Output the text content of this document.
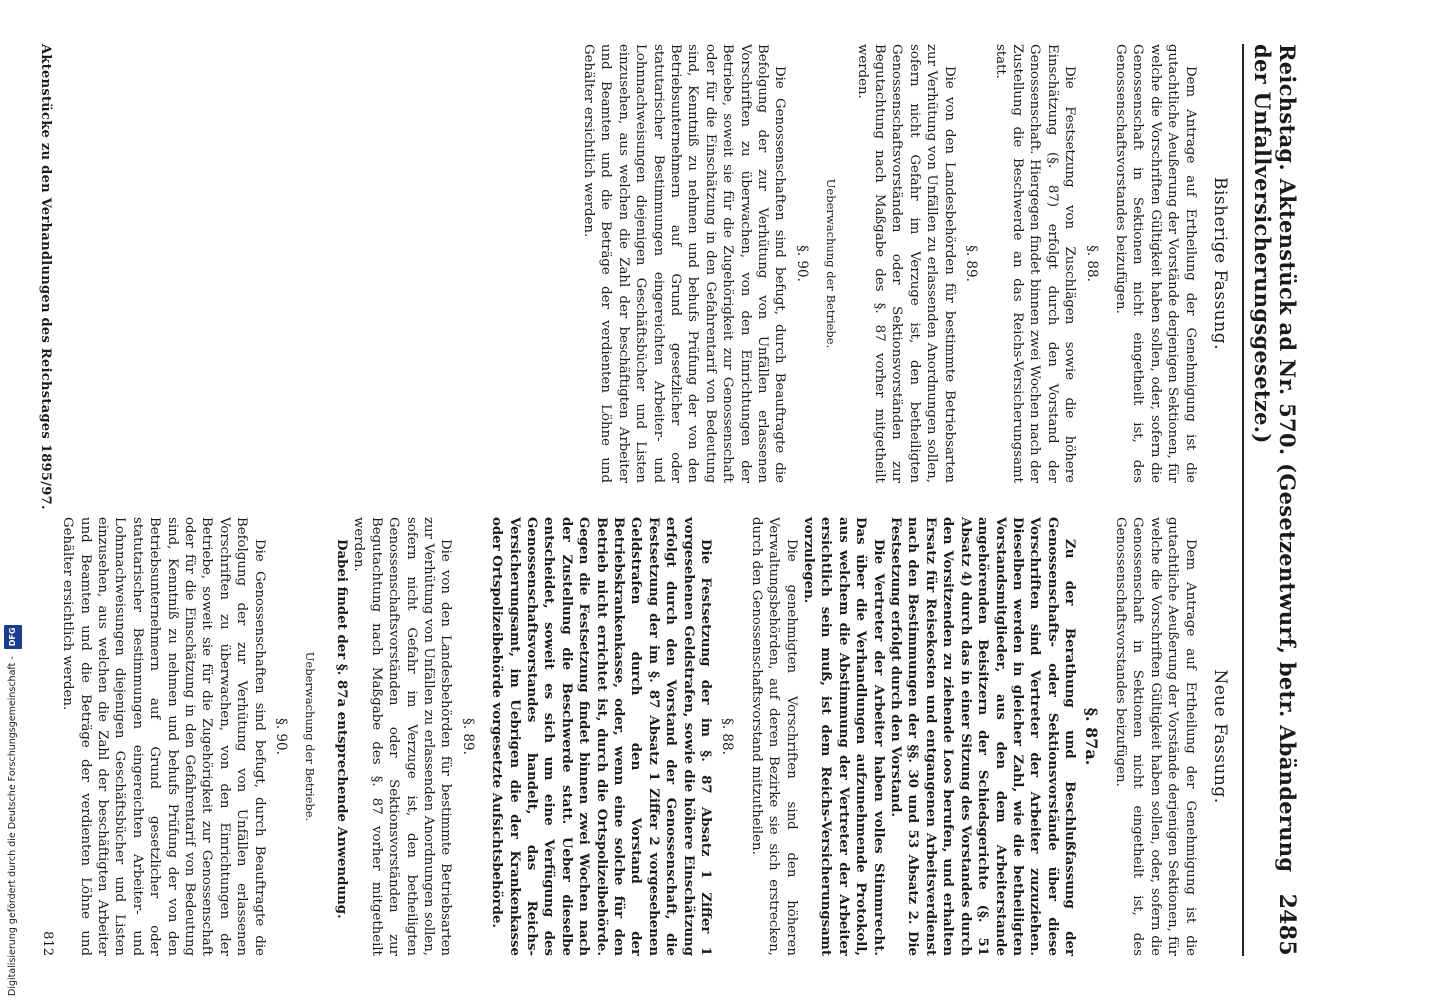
Reichstag. Aktenstück ad Nr. 570. (Gesetzentwurf, betr. Abänderung der Unfallversicherungsgesetze.)
2485
Bisherige Fassung.

Dem Antrage auf Ertheilung der Genehmigung ist die gutachtliche Aeußerung der Vorstände derjenigen Sektionen, für welche die Vorschriften Gültigkeit haben sollen, oder, sofern die Genossenschaft in Sektionen nicht eingetheilt ist, des Genossenschaftsvorstandes beizufügen.

§. 88.

Die Festsetzung von Zuschlägen sowie die höhere Einschätzung (§. 87) erfolgt durch den Vorstand der Genossenschaft. Hiergegen findet binnen zwei Wochen nach der Zustellung die Beschwerde an das Reichs-Versicherungsamt statt.

§. 89.

Die von den Landesbehörden für bestimmte Betriebsarten zur Verhütung von Unfällen zu erlassenden Anordnungen sollen, sofern nicht Gefahr im Verzuge ist, den betheiligten Genossenschaftsvorständen oder Sektionsvorständen zur Begutachtung nach Maßgabe des §. 87 vorher mitgetheilt werden.

Ueberwachung der Betriebe.
§. 90.

Die Genossenschaften sind befugt, durch Beauftragte die Befolgung der zur Verhütung von Unfällen erlassenen Vorschriften zu überwachen, von den Einrichtungen der Betriebe, soweit sie für die Zugehörigkeit zur Genossenschaft oder für die Einschätzung in den Gefahrentarif von Bedeutung sind, Kenntniß zu nehmen und behufs Prüfung der von den Betriebsunternehmern auf Grund gesetzlicher oder statutarischer Bestimmungen eingereichten Arbeiter- und Lohnnachweisungen diejenigen Geschäftsbücher und Listen einzusehen, aus welchen die Zahl der beschäftigten Arbeiter und Beamten und die Beträge der verdienten Löhne und Gehälter ersichtlich werden.

Neue Fassung.

Dem Antrage auf Ertheilung der Genehmigung ist die gutachtliche Aeußerung der Vorstände derjenigen Sektionen, für welche die Vorschriften Gültigkeit haben sollen, oder, sofern die Genossenschaft in Sektionen nicht eingetheilt ist, des Genossenschaftsvorstandes beizufügen.

§. 87a.

Zu der Berathung und Beschlußfassung der Genossenschafts- oder Sektionsvorstände über diese Vorschriften sind Vertreter der Arbeiter zuzuziehen. Dieselben werden in gleicher Zahl, wie die betheiligten Vorstandsmitglieder, aus den dem Arbeiterstande angehörenden Beisitzern der Schiedsgerichte (§. 51 Absatz 4) durch das in einer Sitzung des Vorstandes durch den Vorsitzenden zu ziehende Loos berufen, und erhalten Ersatz für Reisekosten und entgangenen Arbeitsverdienst nach den Bestimmungen der §§. 30 und 53 Absatz 2. Die Festsetzung erfolgt durch den Vorstand.

Die Vertreter der Arbeiter haben volles Stimmrecht. Das über die Verhandlungen aufzunehmende Protokoll, aus welchem die Abstimmung der Vertreter der Arbeiter ersichtlich sein muß, ist dem Reichs-Versicherungsamt vorzulegen.

Die genehmigten Vorschriften sind den höheren Verwaltungsbehörden, auf deren Bezirke sie sich erstrecken, durch den Genossenschaftsvorstand mitzutheilen.

§. 88.

Die Festsetzung der im §. 87 Absatz 1 Ziffer 1 vorgesehenen Geldstrafen, sowie die höhere Einschätzung erfolgt durch den Vorstand der Genossenschaft, die Festsetzung der im §. 87 Absatz 1 Ziffer 2 vorgesehenen Geldstrafen durch den Vorstand der Betriebskrankenkasse, oder, wenn eine solche für den Betrieb nicht errichtet ist, durch die Ortspolizeibehörde. Gegen die Festsetzung findet binnen zwei Wochen nach der Zustellung die Beschwerde statt. Ueber dieselbe entscheidet, soweit es sich um eine Verfügung des Genossenschaftsvorstandes handelt, das Reichs-Versicherungsamt, im Uebrigen die der Krankenkasse oder Ortspolizeibehörde vorgesetzte Aufsichtsbehörde.

§. 89.

Die von den Landesbehörden für bestimmte Betriebsarten zur Verhütung von Unfällen zu erlassenden Anordnungen sollen, sofern nicht Gefahr im Verzuge ist, den betheiligten Genossenschaftsvorständen oder Sektionsvorständen zur Begutachtung nach Maßgabe des §. 87 vorher mitgetheilt werden.

Dabei findet der §. 87a entsprechende Anwendung.

Ueberwachung der Betriebe.
§. 90.

Die Genossenschaften sind befugt, durch Beauftragte die Befolgung der zur Verhütung von Unfällen erlassenen Vorschriften zu überwachen, von den Einrichtungen der Betriebe, soweit sie für die Zugehörigkeit zur Genossenschaft oder für die Einschätzung in den Gefahrentarif von Bedeutung sind, Kenntniß zu nehmen und behufs Prüfung der von den Betriebsunternehmern auf Grund gesetzlicher oder statutarischer Bestimmungen eingereichten Arbeiter- und Lohnnachweisungen diejenigen Geschäftsbücher und Listen einzusehen, aus welchen die Zahl der beschäftigten Arbeiter und Beamten und die Beträge der verdienten Löhne und Gehälter ersichtlich werden.

Aktenstücke zu den Verhandlungen des Reichstages 1895/97.
812
Digitalisierung gefördert durch die Deutsche Forschungsgemeinschaft - DFG
